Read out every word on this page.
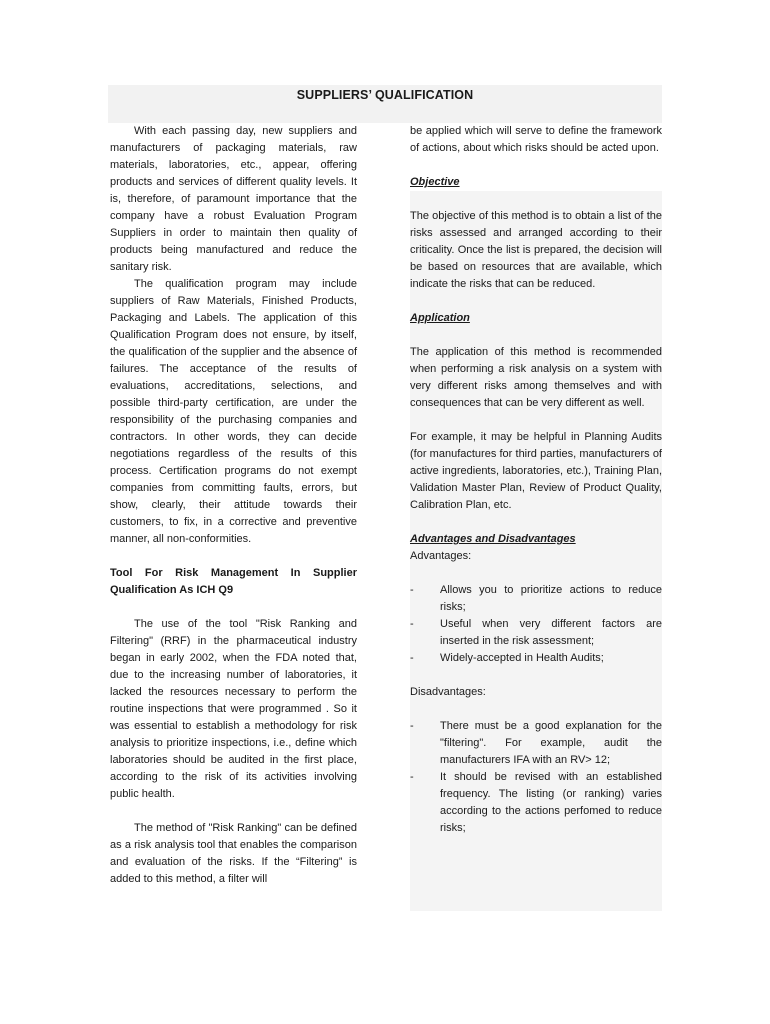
SUPPLIERS’ QUALIFICATION

With each passing day, new suppliers and manufacturers of packaging materials, raw materials, laboratories, etc., appear, offering products and services of different quality levels. It is, therefore, of paramount importance that the company have a robust Evaluation Program Suppliers in order to maintain then quality of products being manufactured and reduce the sanitary risk.

The qualification program may include suppliers of Raw Materials, Finished Products, Packaging and Labels. The application of this Qualification Program does not ensure, by itself, the qualification of the supplier and the absence of failures. The acceptance of the results of evaluations, accreditations, selections, and possible third-party certification, are under the responsibility of the purchasing companies and contractors. In other words, they can decide negotiations regardless of the results of this process. Certification programs do not exempt companies from committing faults, errors, but show, clearly, their attitude towards their customers, to fix, in a corrective and preventive manner, all non-conformities.

Tool For Risk Management In Supplier Qualification As ICH Q9

The use of the tool "Risk Ranking and Filtering" (RRF) in the pharmaceutical industry began in early 2002, when the FDA noted that, due to the increasing number of laboratories, it lacked the resources necessary to perform the routine inspections that were programmed . So it was essential to establish a methodology for risk analysis to prioritize inspections, i.e., define which laboratories should be audited in the first place, according to the risk of its activities involving public health.

The method of "Risk Ranking" can be defined as a risk analysis tool that enables the comparison and evaluation of the risks. If the “Filtering” is added to this method, a filter will

be applied which will serve to define the framework of actions, about which risks should be acted upon.

Objective

The objective of this method is to obtain a list of the risks assessed and arranged according to their criticality. Once the list is prepared, the decision will be based on resources that are available, which indicate the risks that can be reduced.

Application

The application of this method is recommended when performing a risk analysis on a system with very different risks among themselves and with consequences that can be very different as well.

For example, it may be helpful in Planning Audits (for manufactures for third parties, manufacturers of active ingredients, laboratories, etc.), Training Plan, Validation Master Plan, Review of Product Quality, Calibration Plan, etc.

Advantages and Disadvantages

Advantages:

- Allows you to prioritize actions to reduce risks;
- Useful when very different factors are inserted in the risk assessment;
- Widely-accepted in Health Audits;

Disadvantages:

- There must be a good explanation for the "filtering". For example, audit the manufacturers IFA with an RV> 12;
- It should be revised with an established frequency. The listing (or ranking) varies according to the actions perfomed to reduce risks;
